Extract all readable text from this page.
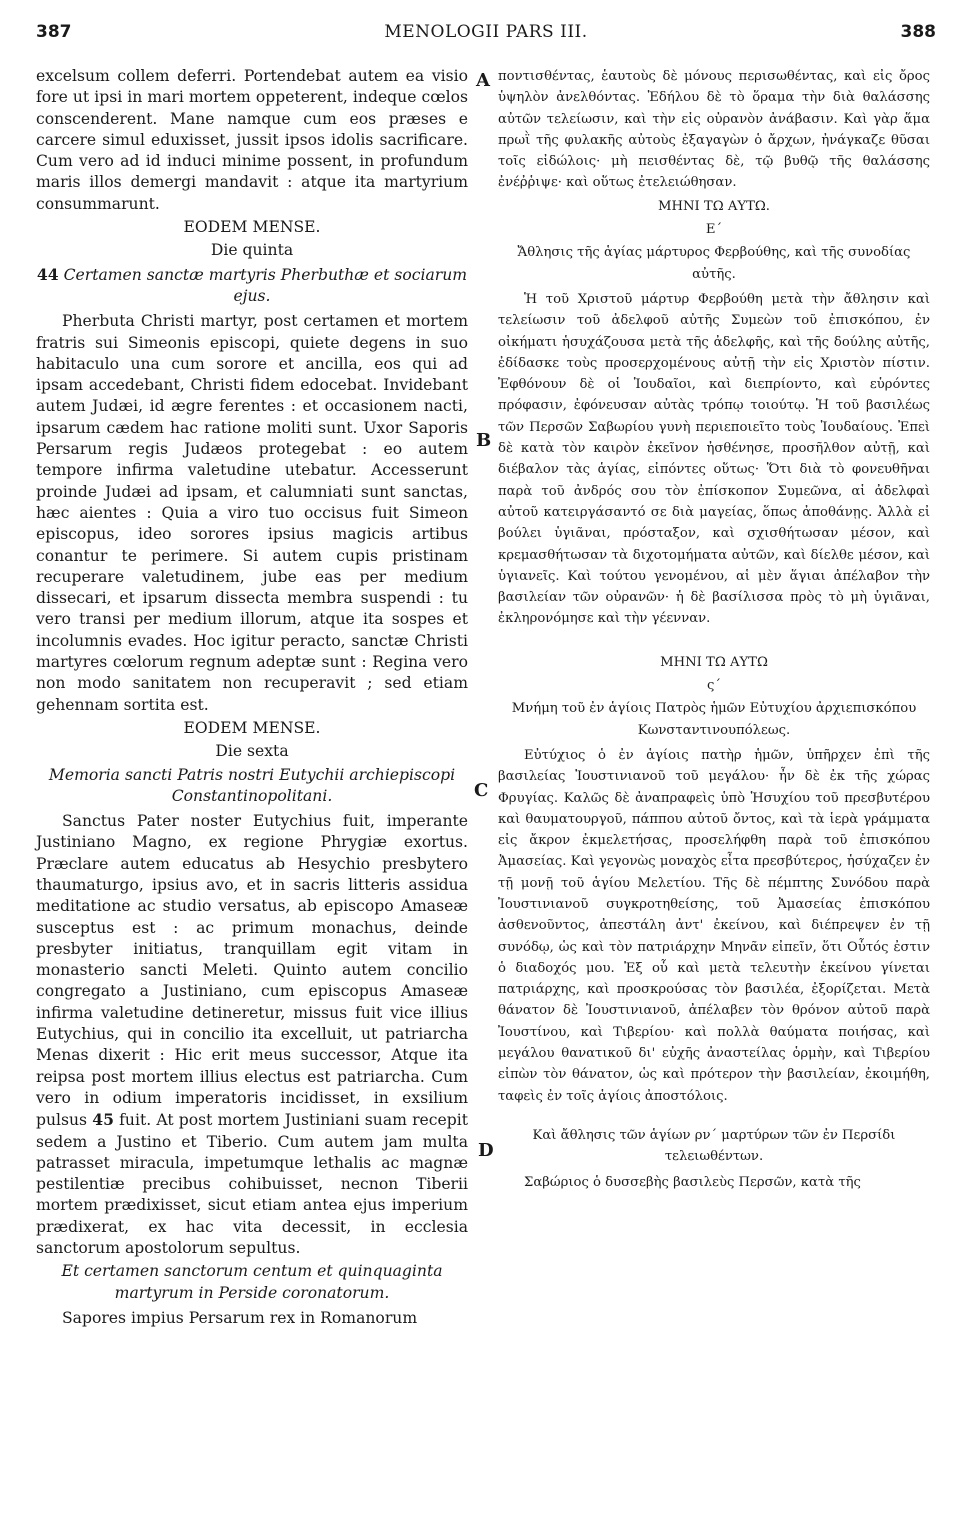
387	MENOLOGII PARS III.	388
A
B
C
D

excelsum collem deferri. Portendebat autem ea visio fore ut ipsi in mari mortem oppeterent, indeque cœlos conscenderent. Mane namque cum eos præses e carcere simul eduxisset, jussit ipsos idolis sacrificare. Cum vero ad id induci minime possent, in profundum maris illos demergi mandavit : atque ita martyrium consummarunt.

EODEM MENSE.
Die quinta
44 Certamen sanctæ martyris Pherbuthæ et sociarum ejus.

Pherbuta Christi martyr, post certamen et mortem fratris sui Simeonis episcopi, quiete degens in suo habitaculo una cum sorore et ancilla, eos qui ad ipsam accedebant, Christi fidem edocebat. Invidebant autem Judæi, id ægre ferentes : et occasionem nacti, ipsarum cædem hac ratione moliti sunt. Uxor Saporis Persarum regis Judæos protegebat : eo autem tempore infirma valetudine utebatur. Accesserunt proinde Judæi ad ipsam, et calumniati sunt sanctas, hæc aientes : Quia a viro tuo occisus fuit Simeon episcopus, ideo sorores ipsius magicis artibus conantur te perimere. Si autem cupis pristinam recuperare valetudinem, jube eas per medium dissecari, et ipsarum dissecta membra suspendi : tu vero transi per medium illorum, atque ita sospes et incolumnis evades. Hoc igitur peracto, sanctæ Christi martyres cœlorum regnum adeptæ sunt : Regina vero non modo sanitatem non recuperavit ; sed etiam gehennam sortita est.

EODEM MENSE.
Die sexta
Memoria sancti Patris nostri Eutychii archiepiscopi Constantinopolitani.

Sanctus Pater noster Eutychius fuit, imperante Justiniano Magno, ex regione Phrygiæ exortus. Præclare autem educatus ab Hesychio presbytero thaumaturgo, ipsius avo, et in sacris litteris assidua meditatione ac studio versatus, ab episcopo Amaseæ susceptus est : ac primum monachus, deinde presbyter initiatus, tranquillam egit vitam in monasterio sancti Meleti. Quinto autem concilio congregato a Justiniano, cum episcopus Amaseæ infirma valetudine detineretur, missus fuit vice illius Eutychius, qui in concilio ita excelluit, ut patriarcha Menas dixerit : Hic erit meus successor, Atque ita reipsa post mortem illius electus est patriarcha. Cum vero in odium imperatoris incidisset, in exsilium pulsus 45 fuit. At post mortem Justiniani suam recepit sedem a Justino et Tiberio. Cum autem jam multa patrasset miracula, impetumque lethalis ac magnæ pestilentiæ precibus cohibuisset, necnon Tiberii mortem prædixisset, sicut etiam antea ejus imperium prædixerat, ex hac vita decessit, in ecclesia sanctorum apostolorum sepultus.

Et certamen sanctorum centum et quinquaginta martyrum in Perside coronatorum.

Sapores impius Persarum rex in Romanorum

ποντισθέντας, ἑαυτοὺς δὲ μόνους περισωθέντας, καὶ εἰς ὄρος ὑψηλὸν ἀνελθόντας. Ἐδήλου δὲ τὸ ὅραμα τὴν διὰ θαλάσσης αὐτῶν τελείωσιν, καὶ τὴν εἰς οὐρανὸν ἀνάβασιν. Καὶ γὰρ ἅμα πρωῒ τῆς φυλακῆς αὐτοὺς ἐξαγαγὼν ὁ ἄρχων, ἠνάγκαζε θῦσαι τοῖς εἰδώλοις· μὴ πεισθέντας δὲ, τῷ βυθῷ τῆς θαλάσσης ἐνέῤῥιψε· καὶ οὕτως ἐτελειώθησαν.

ΜΗΝΙ ΤΩ ΑΥΤΩ.
Ε΄
Ἄθλησις τῆς ἁγίας μάρτυρος Φερβούθης, καὶ τῆς συνοδίας αὐτῆς.

Ἡ τοῦ Χριστοῦ μάρτυρ Φερβούθη μετὰ τὴν ἄθλησιν καὶ τελείωσιν τοῦ ἀδελφοῦ αὐτῆς Συμεὼν τοῦ ἐπισκόπου, ἐν οἰκήματι ἡσυχάζουσα μετὰ τῆς ἀδελφῆς, καὶ τῆς δούλης αὐτῆς, ἐδίδασκε τοὺς προσερχομένους αὐτῇ τὴν εἰς Χριστὸν πίστιν. Ἐφθόνουν δὲ οἱ Ἰουδαῖοι, καὶ διεπρίοντο, καὶ εὑρόντες πρόφασιν, ἐφόνευσαν αὐτὰς τρόπῳ τοιούτῳ. Ἡ τοῦ βασιλέως τῶν Περσῶν Σαβωρίου γυνὴ περιεποιεῖτο τοὺς Ἰουδαίους. Ἐπεὶ δὲ κατὰ τὸν καιρὸν ἐκεῖνον ἠσθένησε, προσῆλθον αὐτῇ, καὶ διέβαλον τὰς ἁγίας, εἰπόντες οὕτως· Ὅτι διὰ τὸ φονευθῆναι παρὰ τοῦ ἀνδρός σου τὸν ἐπίσκοπον Συμεῶνα, αἱ ἀδελφαὶ αὐτοῦ κατειργάσαντό σε διὰ μαγείας, ὅπως ἀποθάνῃς. Ἀλλὰ εἰ βούλει ὑγιᾶναι, πρόσταξον, καὶ σχισθήτωσαν μέσον, καὶ κρεμασθήτωσαν τὰ διχοτομήματα αὐτῶν, καὶ δίελθε μέσον, καὶ ὑγιανεῖς. Καὶ τούτου γενομένου, αἱ μὲν ἅγιαι ἀπέλαβον τὴν βασιλείαν τῶν οὐρανῶν· ἡ δὲ βασίλισσα πρὸς τὸ μὴ ὑγιᾶναι, ἐκληρονόμησε καὶ τὴν γέενναν.

ΜΗΝΙ ΤΩ ΑΥΤΩ
ς΄
Μνήμη τοῦ ἐν ἁγίοις Πατρὸς ἡμῶν Εὐτυχίου ἀρχιεπισκόπου Κωνσταντινουπόλεως.

Εὐτύχιος ὁ ἐν ἁγίοις πατὴρ ἡμῶν, ὑπῆρχεν ἐπὶ τῆς βασιλείας Ἰουστινιανοῦ τοῦ μεγάλου· ἦν δὲ ἐκ τῆς χώρας Φρυγίας. Καλῶς δὲ ἀναπραφεὶς ὑπὸ Ἡσυχίου τοῦ πρεσβυτέρου καὶ θαυματουργοῦ, πάππου αὐτοῦ ὄντος, καὶ τὰ ἱερὰ γράμματα εἰς ἄκρον ἐκμελετήσας, προσελήφθη παρὰ τοῦ ἐπισκόπου Ἀμασείας. Καὶ γεγονὼς μοναχὸς εἶτα πρεσβύτερος, ἡσύχαζεν ἐν τῇ μονῇ τοῦ ἁγίου Μελετίου. Τῆς δὲ πέμπτης Συνόδου παρὰ Ἰουστινιανοῦ συγκροτηθείσης, τοῦ Ἀμασείας ἐπισκόπου ἀσθενοῦντος, ἀπεστάλη ἀντ' ἐκείνου, καὶ διέπρεψεν ἐν τῇ συνόδῳ, ὡς καὶ τὸν πατριάρχην Μηνᾶν εἰπεῖν, ὅτι Οὗτός ἐστιν ὁ διαδοχός μου. Ἐξ οὗ καὶ μετὰ τελευτὴν ἐκείνου γίνεται πατριάρχης, καὶ προσκρούσας τὸν βασιλέα, ἐξορίζεται. Μετὰ θάνατον δὲ Ἰουστινιανοῦ, ἀπέλαβεν τὸν θρόνον αὐτοῦ παρὰ Ἰουστίνου, καὶ Τιβερίου· καὶ πολλὰ θαύματα ποιήσας, καὶ μεγάλου θανατικοῦ δι' εὐχῆς ἀναστείλας ὁρμὴν, καὶ Τιβερίου εἰπὼν τὸν θάνατον, ὡς καὶ πρότερον τὴν βασιλείαν, ἐκοιμήθη, ταφεὶς ἐν τοῖς ἁγίοις ἀποστόλοις.

Καὶ ἄθλησις τῶν ἁγίων ρν΄ μαρτύρων τῶν ἐν Περσίδι τελειωθέντων.

Σαβώριος ὁ δυσσεβὴς βασιλεὺς Περσῶν, κατὰ τῆς
